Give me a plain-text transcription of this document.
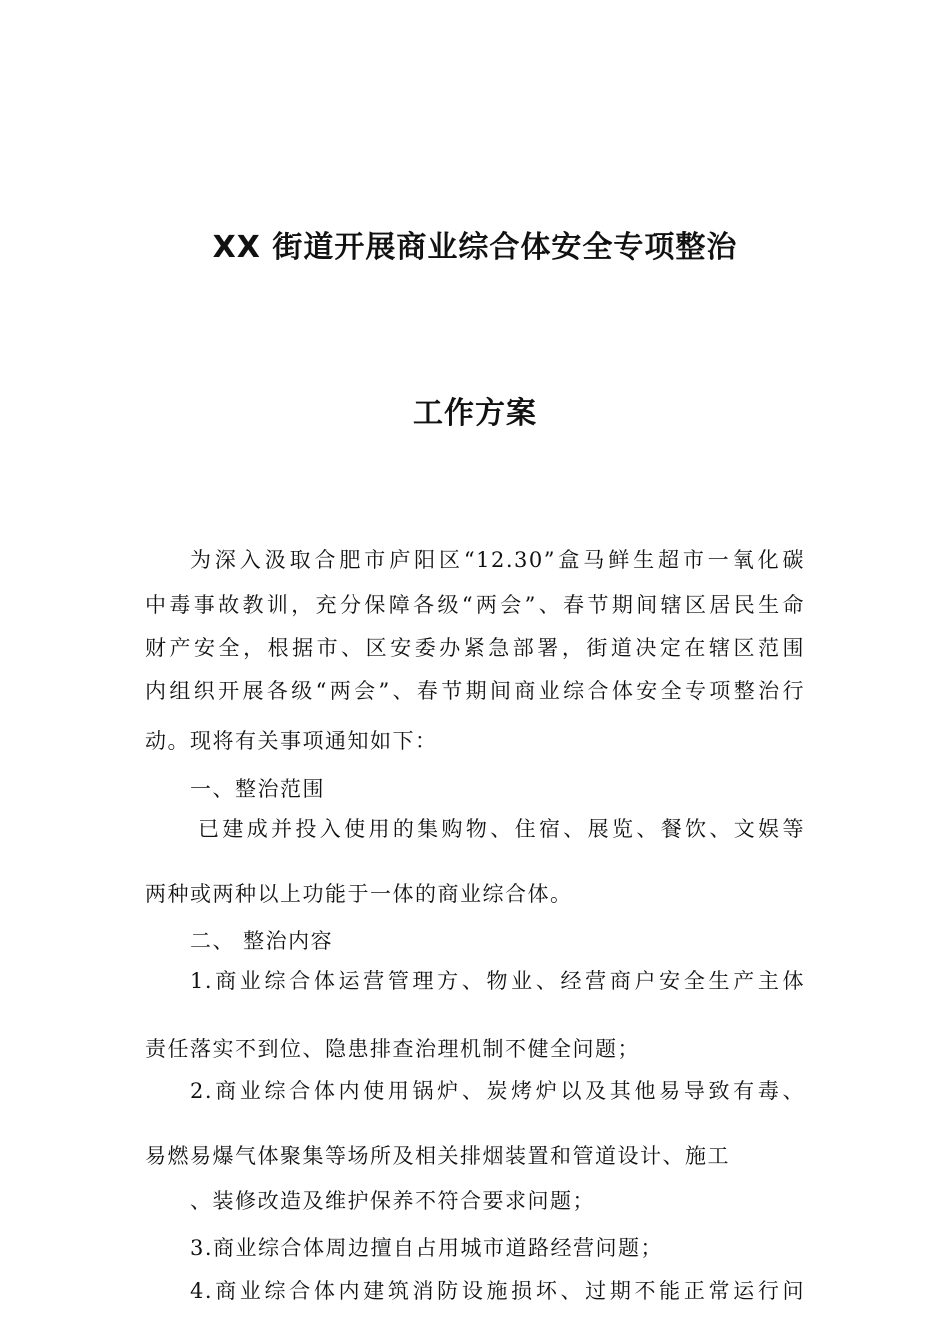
XX 街道开展商业综合体安全专项整治
工作方案
为深入汲取合肥市庐阳区“12.30”盒马鲜生超市一氧化碳
中毒事故教训，充分保障各级“两会”、春节期间辖区居民生命
财产安全，根据市、区安委办紧急部署，街道决定在辖区范围
内组织开展各级“两会”、春节期间商业综合体安全专项整治行
动。现将有关事项通知如下：
一、整治范围
已建成并投入使用的集购物、住宿、展览、餐饮、文娱等
两种或两种以上功能于一体的商业综合体。
二、 整治内容
1.商业综合体运营管理方、物业、经营商户安全生产主体
责任落实不到位、隐患排查治理机制不健全问题；
2.商业综合体内使用锅炉、炭烤炉以及其他易导致有毒、
易燃易爆气体聚集等场所及相关排烟装置和管道设计、施工
、装修改造及维护保养不符合要求问题；
3.商业综合体周边擅自占用城市道路经营问题；
4.商业综合体内建筑消防设施损坏、过期不能正常运行问
